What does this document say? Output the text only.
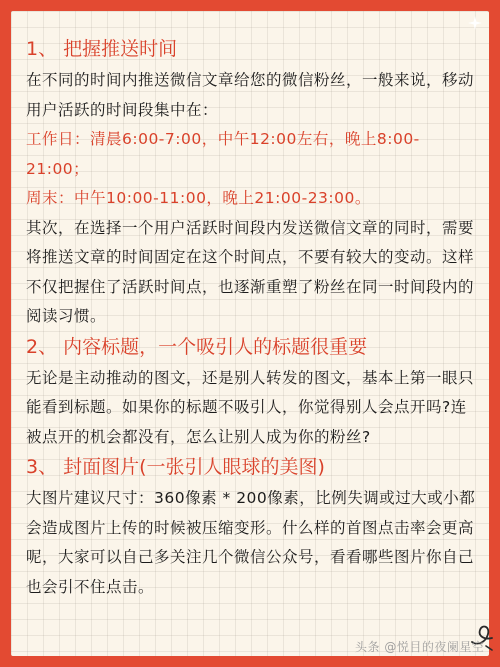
1、 把握推送时间

在不同的时间内推送微信文章给您的微信粉丝，一般来说，移动用户活跃的时间段集中在：

工作日：清晨6:00-7:00，中午12:00左右，晚上8:00-21:00；

周末：中午10:00-11:00，晚上21:00-23:00。

其次，在选择一个用户活跃时间段内发送微信文章的同时，需要将推送文章的时间固定在这个时间点，不要有较大的变动。这样不仅把握住了活跃时间点，也逐渐重塑了粉丝在同一时间段内的阅读习惯。

2、 内容标题，一个吸引人的标题很重要

无论是主动推动的图文，还是别人转发的图文，基本上第一眼只能看到标题。如果你的标题不吸引人，你觉得别人会点开吗?连被点开的机会都没有，怎么让别人成为你的粉丝?

3、 封面图片(一张引人眼球的美图)

大图片建议尺寸：360像素 * 200像素，比例失调或过大或小都会造成图片上传的时候被压缩变形。什么样的首图点击率会更高呢，大家可以自己多关注几个微信公众号，看看哪些图片你自己也会引不住点击。

头条 @悦目的夜阑星空
